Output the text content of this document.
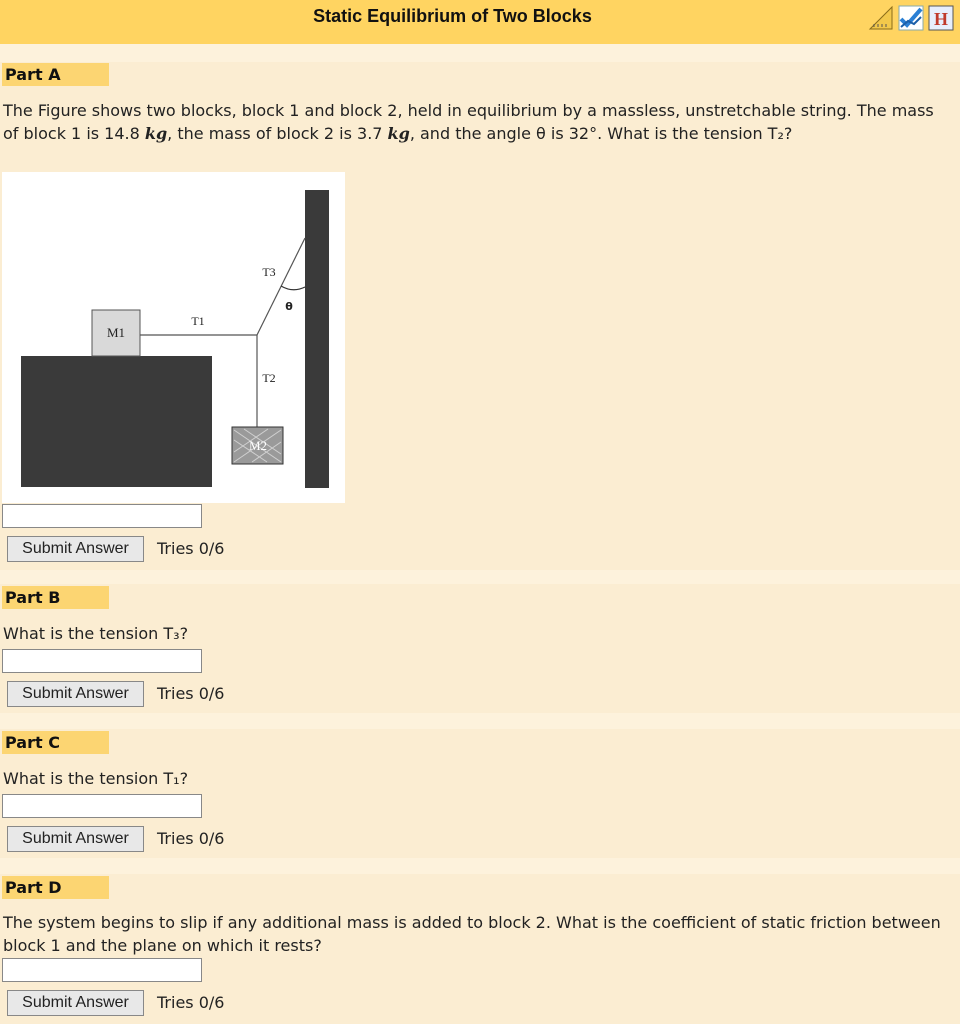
Static Equilibrium of Two Blocks	H
Part A
The Figure shows two blocks, block 1 and block 2, held in equilibrium by a massless, unstretchable string. The mass of block 1 is 14.8 kg, the mass of block 2 is 3.7 kg, and the angle θ is 32°. What is the tension T₂?
M1
M2
T1
T3
T2
θ
Submit Answer	Tries 0/6
Part B
What is the tension T₃?
Submit Answer	Tries 0/6
Part C
What is the tension T₁?
Submit Answer	Tries 0/6
Part D
The system begins to slip if any additional mass is added to block 2. What is the coefficient of static friction between block 1 and the plane on which it rests?
Submit Answer	Tries 0/6
